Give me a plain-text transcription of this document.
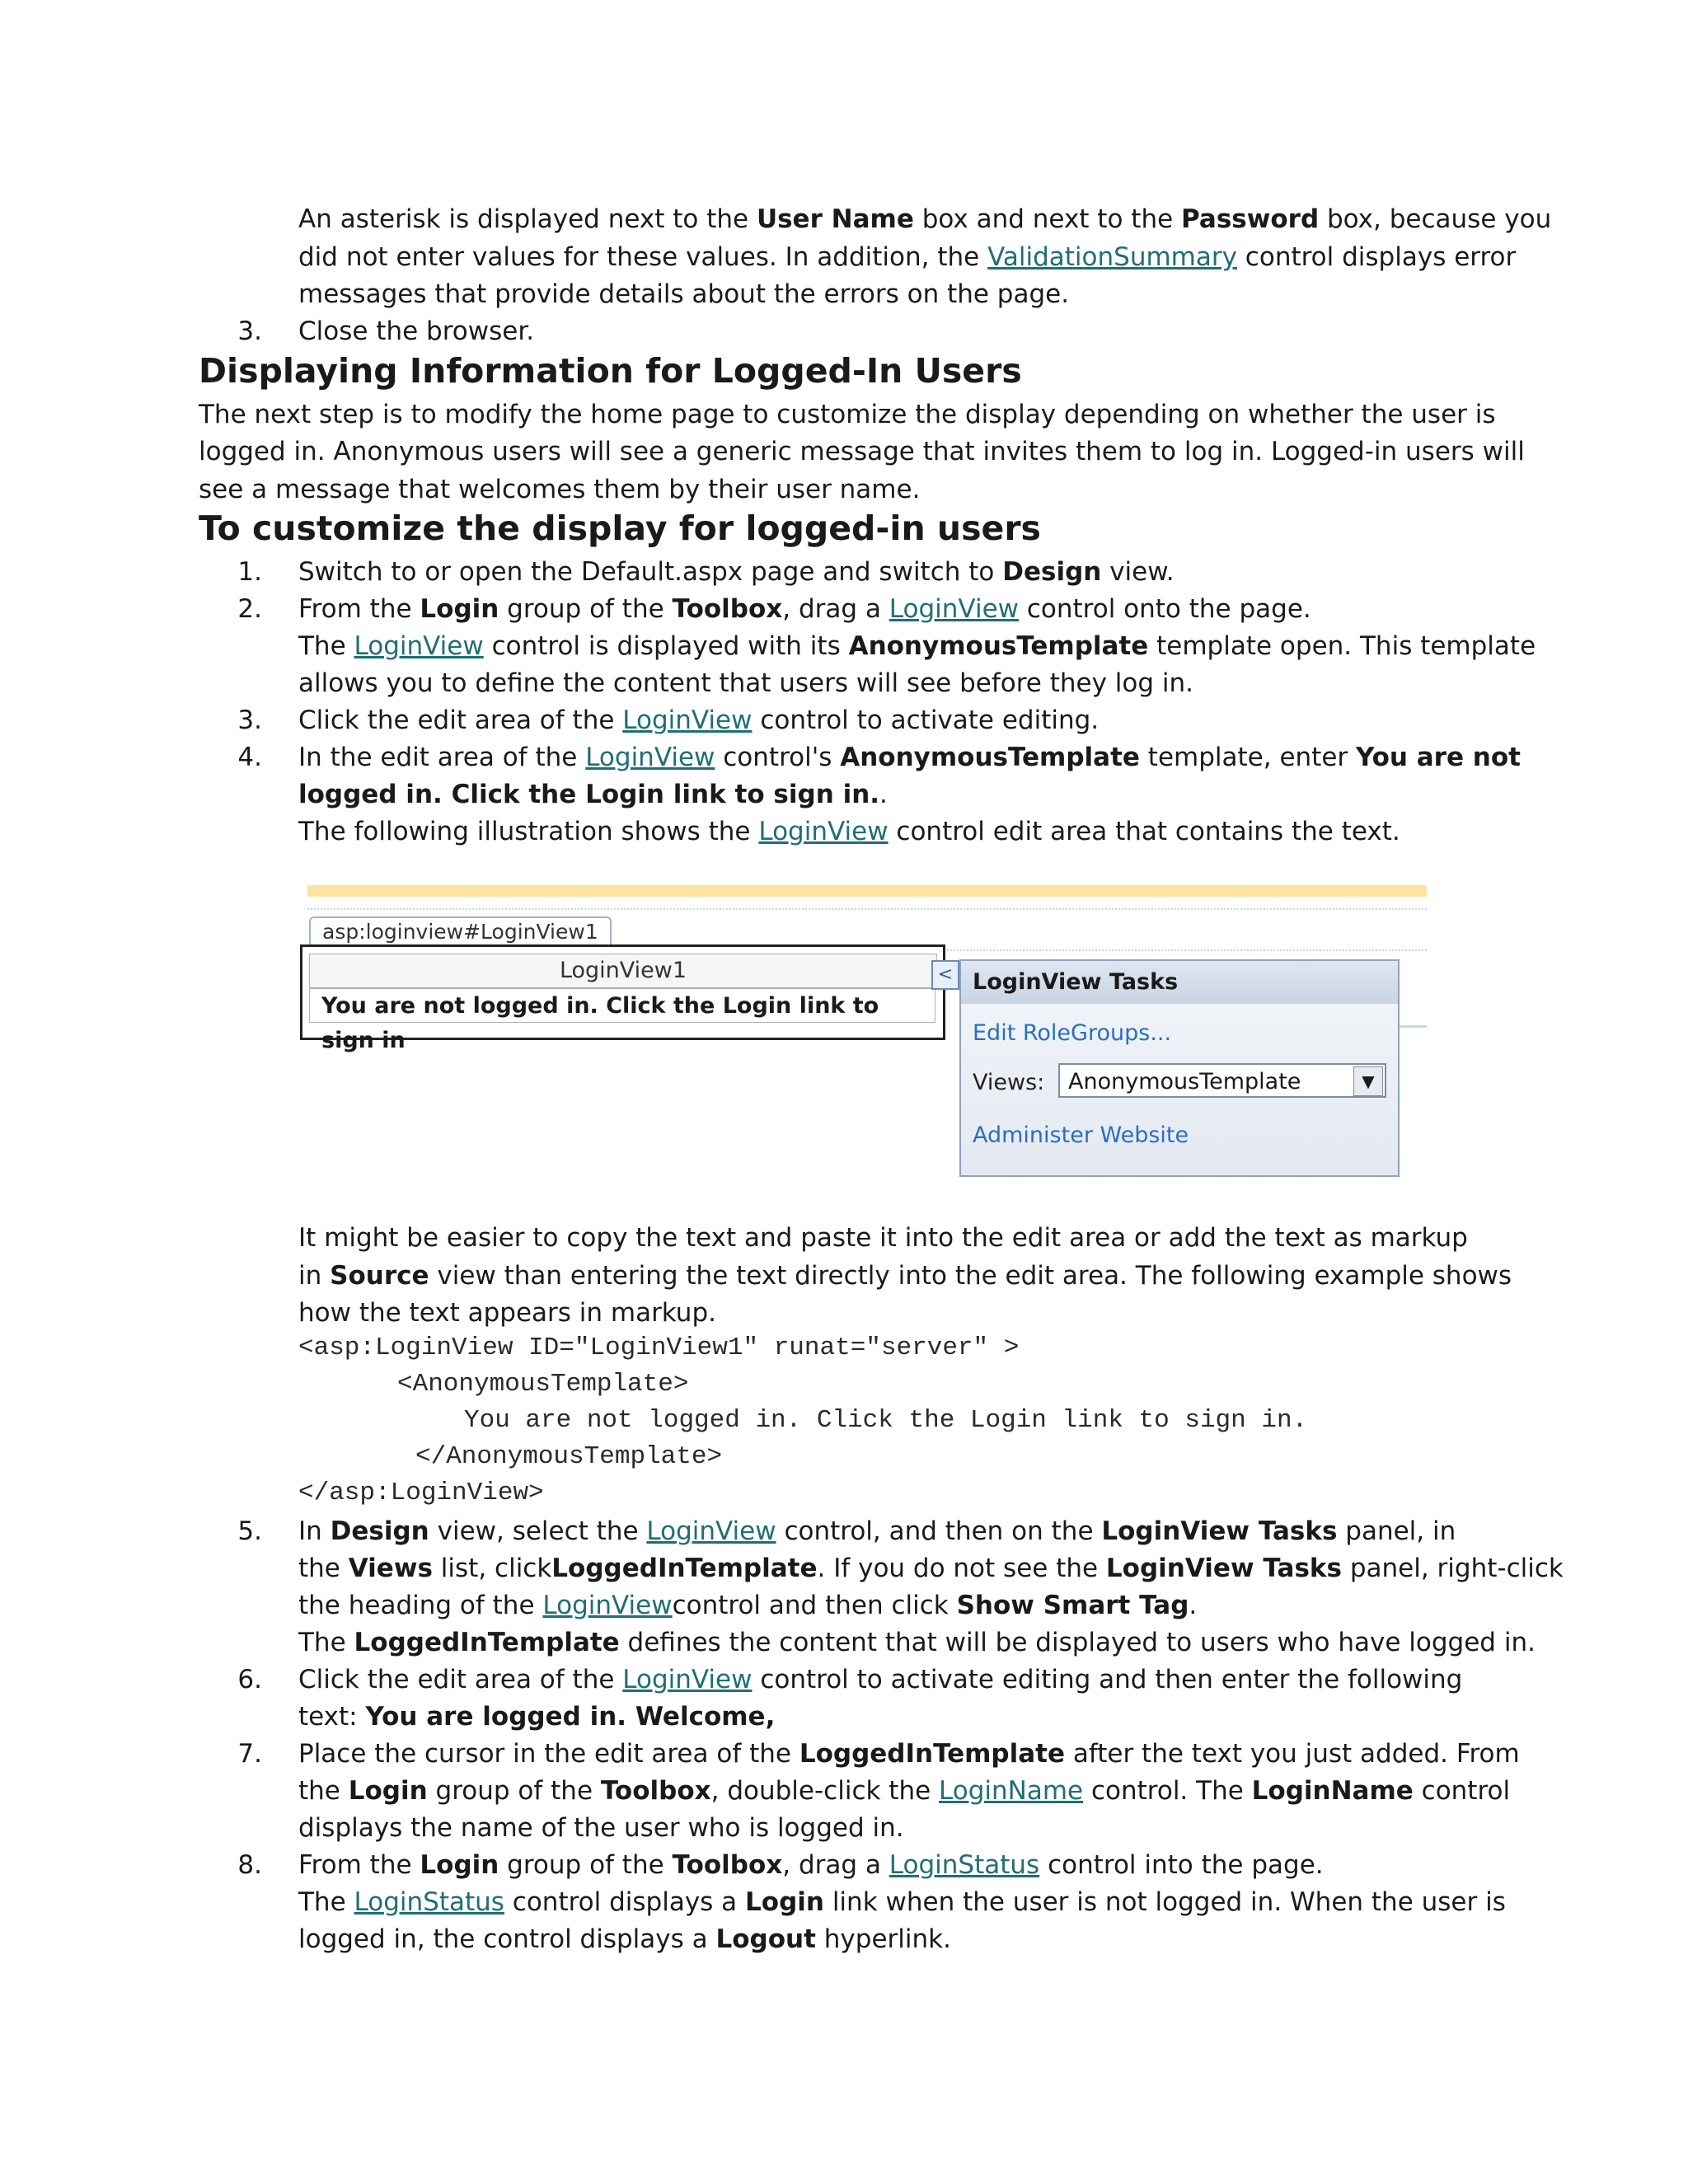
An asterisk is displayed next to the User Name box and next to the Password box, because you
did not enter values for these values. In addition, the ValidationSummary control displays error
messages that provide details about the errors on the page.
3. Close the browser.
Displaying Information for Logged-In Users
The next step is to modify the home page to customize the display depending on whether the user is
logged in. Anonymous users will see a generic message that invites them to log in. Logged-in users will
see a message that welcomes them by their user name.
To customize the display for logged-in users
1. Switch to or open the Default.aspx page and switch to Design view.
2. From the Login group of the Toolbox, drag a LoginView control onto the page.
The LoginView control is displayed with its AnonymousTemplate template open. This template
allows you to define the content that users will see before they log in.
3. Click the edit area of the LoginView control to activate editing.
4. In the edit area of the LoginView control's AnonymousTemplate template, enter You are not
logged in. Click the Login link to sign in..
The following illustration shows the LoginView control edit area that contains the text.
asp:loginview#LoginView1
LoginView1
You are not logged in. Click the Login link to sign in
< LoginView Tasks
Edit RoleGroups...
Views:	AnonymousTemplate	▼
Administer Website
It might be easier to copy the text and paste it into the edit area or add the text as markup
in Source view than entering the text directly into the edit area. The following example shows
how the text appears in markup.
<asp:LoginView ID="LoginView1" runat="server" >
<AnonymousTemplate>
You are not logged in. Click the Login link to sign in.
</AnonymousTemplate>
</asp:LoginView>
5. In Design view, select the LoginView control, and then on the LoginView Tasks panel, in
the Views list, clickLoggedInTemplate. If you do not see the LoginView Tasks panel, right-click
the heading of the LoginViewcontrol and then click Show Smart Tag.
The LoggedInTemplate defines the content that will be displayed to users who have logged in.
6. Click the edit area of the LoginView control to activate editing and then enter the following
text: You are logged in. Welcome,
7. Place the cursor in the edit area of the LoggedInTemplate after the text you just added. From
the Login group of the Toolbox, double-click the LoginName control. The LoginName control
displays the name of the user who is logged in.
8. From the Login group of the Toolbox, drag a LoginStatus control into the page.
The LoginStatus control displays a Login link when the user is not logged in. When the user is
logged in, the control displays a Logout hyperlink.
